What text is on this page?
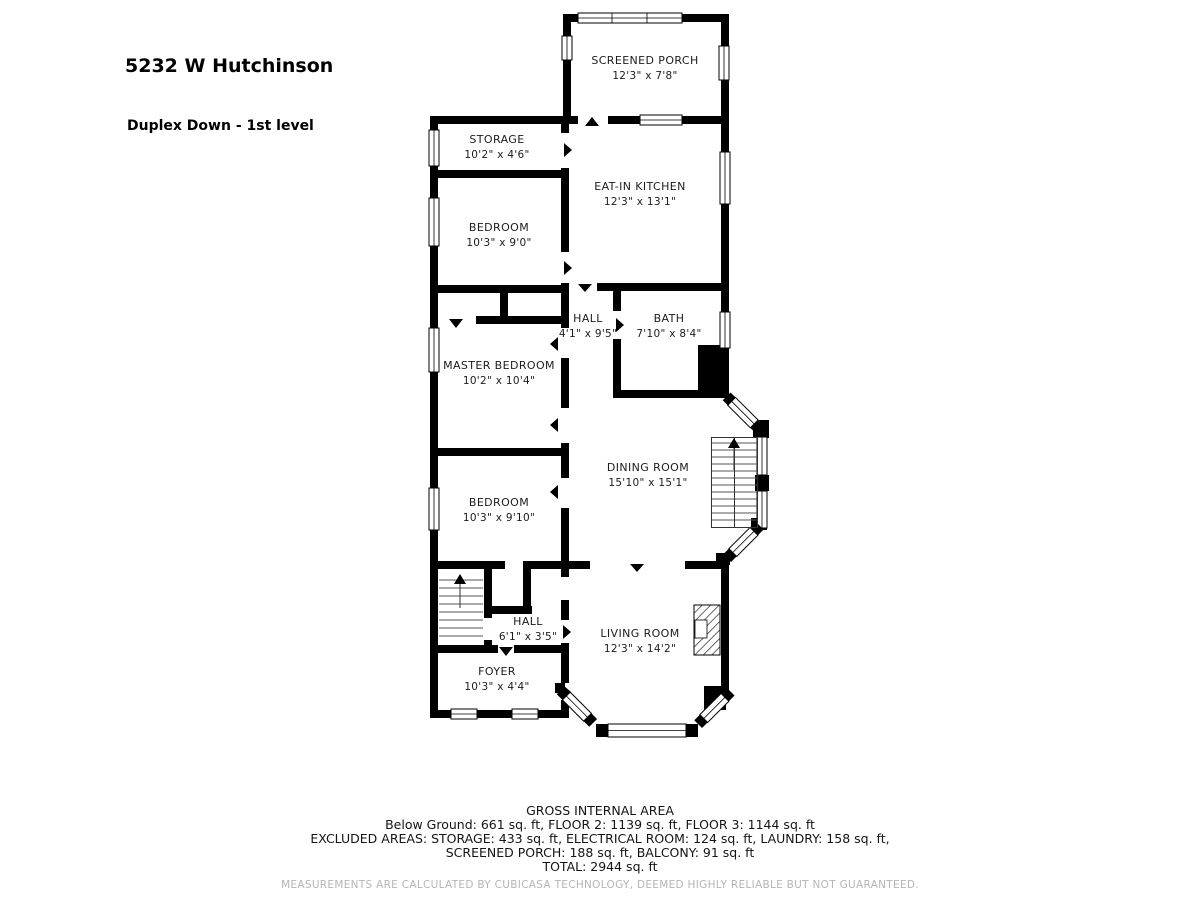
SCREENED PORCH
12'3" x 7'8"
STORAGE
10'2" x 4'6"
EAT-IN KITCHEN
12'3" x 13'1"
BEDROOM
10'3" x 9'0"
HALL
4'1" x 9'5"
BATH
7'10" x 8'4"
MASTER BEDROOM
10'2" x 10'4"
DINING ROOM
15'10" x 15'1"
BEDROOM
10'3" x 9'10"
HALL
6'1" x 3'5"	LIVING ROOM
12'3" x 14'2"
FOYER
10'3" x 4'4"
5232 W Hutchinson
Duplex Down - 1st level
GROSS INTERNAL AREA
Below Ground: 661 sq. ft, FLOOR 2: 1139 sq. ft, FLOOR 3: 1144 sq. ft
EXCLUDED AREAS: STORAGE: 433 sq. ft, ELECTRICAL ROOM: 124 sq. ft, LAUNDRY: 158 sq. ft,
SCREENED PORCH: 188 sq. ft, BALCONY: 91 sq. ft
TOTAL: 2944 sq. ft
MEASUREMENTS ARE CALCULATED BY CUBICASA TECHNOLOGY, DEEMED HIGHLY RELIABLE BUT NOT GUARANTEED.
